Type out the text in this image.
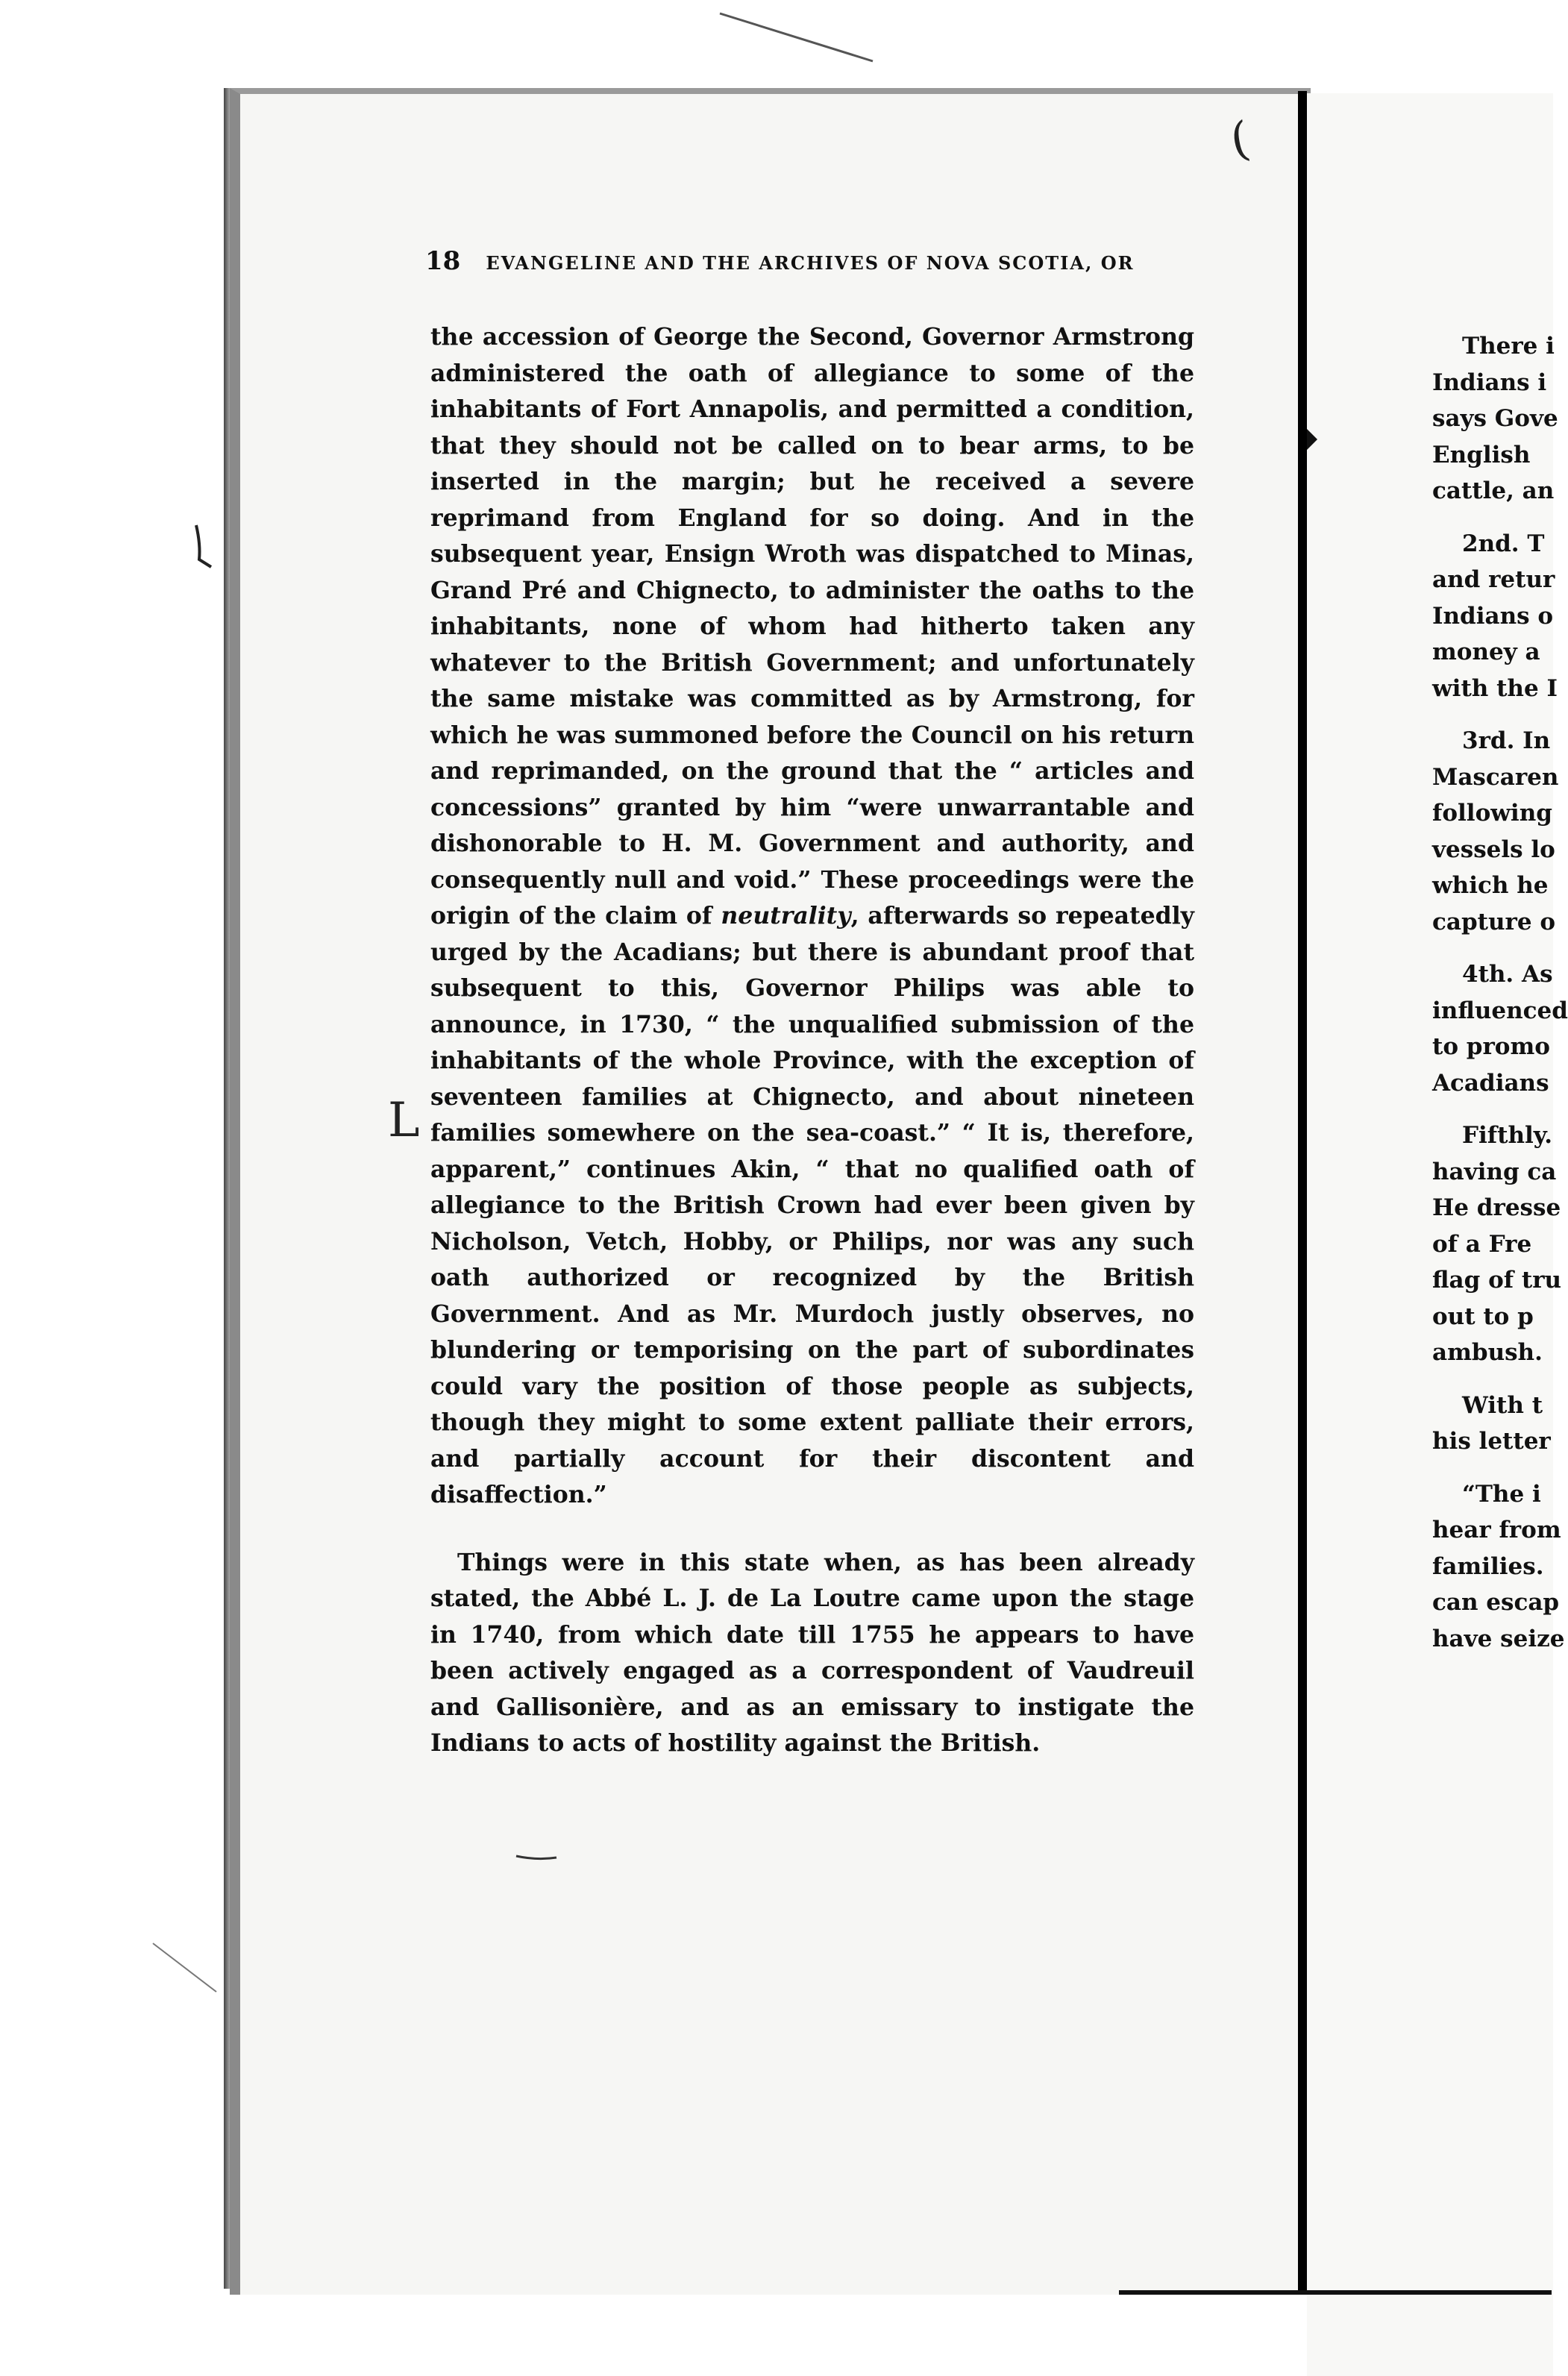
(
L
18 EVANGELINE AND THE ARCHIVES OF NOVA SCOTIA, OR

the accession of George the Second, Governor Armstrong administered the oath of allegiance to some of the inhabitants of Fort Annapolis, and permitted a condition, that they should not be called on to bear arms, to be inserted in the margin; but he received a severe reprimand from England for so doing. And in the subsequent year, Ensign Wroth was dispatched to Minas, Grand Pré and Chignecto, to administer the oaths to the inhabitants, none of whom had hitherto taken any whatever to the British Government; and unfortunately the same mistake was committed as by Armstrong, for which he was summoned before the Council on his return and reprimanded, on the ground that the “ articles and concessions” granted by him “were unwarrantable and dishonorable to H. M. Government and authority, and consequently null and void.” These proceedings were the origin of the claim of neutrality, afterwards so repeatedly urged by the Acadians; but there is abundant proof that subsequent to this, Governor Philips was able to announce, in 1730, “ the unqualified submission of the inhabitants of the whole Province, with the exception of seventeen families at Chignecto, and about nineteen families somewhere on the sea-coast.” “ It is, therefore, apparent,” continues Akin, “ that no qualified oath of allegiance to the British Crown had ever been given by Nicholson, Vetch, Hobby, or Philips, nor was any such oath authorized or recognized by the British Government. And as Mr. Murdoch justly observes, no blundering or temporising on the part of subordinates could vary the position of those people as subjects, though they might to some extent palliate their errors, and partially account for their discontent and disaffection.”

Things were in this state when, as has been already stated, the Abbé L. J. de La Loutre came upon the stage in 1740, from which date till 1755 he appears to have been actively engaged as a correspondent of Vaudreuil and Gallisonière, and as an emissary to instigate the Indians to acts of hostility against the British.

There i
Indians i
says Gove
English
cattle, an
2nd. T
and retur
Indians o
money a
with the I
3rd. In
Mascaren
following
vessels lo
which he
capture o
4th. As
influenced
to promo
Acadians
Fifthly.
having ca
He dresse
of a Fre
flag of tru
out to p
ambush.
With t
his letter
“The i
hear from
families.
can escap
have seize
